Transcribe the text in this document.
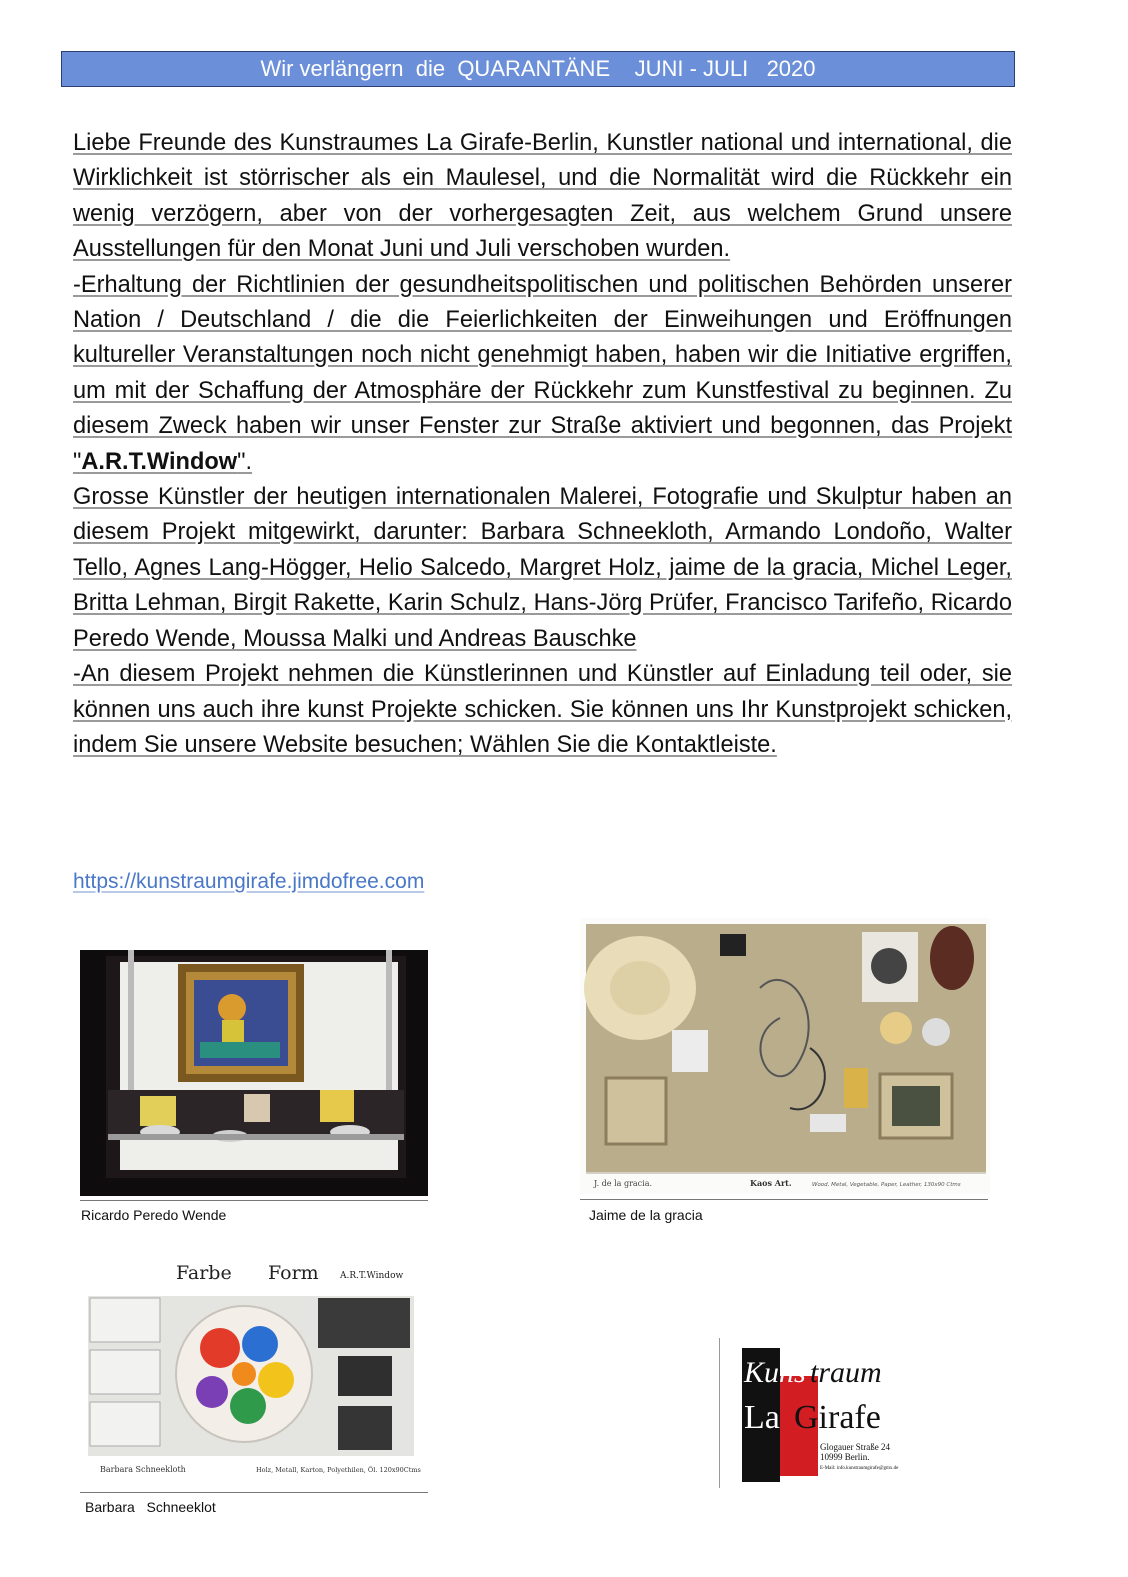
Wir verlängern  die  QUARANTÄNE    JUNI - JULI   2020

Liebe Freunde des Kunstraumes La Girafe-Berlin, Kunstler national und international, die Wirklichkeit ist störrischer als ein Maulesel, und die Normalität wird die Rückkehr ein wenig verzögern, aber von der vorhergesagten Zeit, aus welchem Grund unsere Ausstellungen für den Monat Juni und Juli verschoben wurden.

-Erhaltung der Richtlinien der gesundheitspolitischen und politischen Behörden unserer Nation / Deutschland / die die Feierlichkeiten der Einweihungen und Eröffnungen kultureller Veranstaltungen noch nicht genehmigt haben, haben wir die Initiative ergriffen, um mit der Schaffung der Atmosphäre der Rückkehr zum Kunstfestival zu beginnen. Zu diesem Zweck haben wir unser Fenster zur Straße aktiviert und begonnen, das Projekt "A.R.T.Window".

Grosse Künstler der heutigen internationalen Malerei, Fotografie und Skulptur haben an diesem Projekt mitgewirkt, darunter: Barbara Schneekloth, Armando Londoño, Walter Tello, Agnes Lang-Högger, Helio Salcedo, Margret Holz, jaime de la gracia, Michel Leger, Britta Lehman, Birgit Rakette, Karin Schulz, Hans-Jörg Prüfer, Francisco Tarifeño, Ricardo Peredo Wende, Moussa Malki und Andreas Bauschke

-An diesem Projekt nehmen die Künstlerinnen und Künstler auf Einladung teil oder, sie können uns auch ihre kunst Projekte schicken. Sie können uns Ihr Kunstprojekt schicken, indem Sie unsere Website besuchen; Wählen Sie die Kontaktleiste.

https://kunstraumgirafe.jimdofree.com
Ricardo Peredo Wende
J. de la gracia.	Kaos Art.	Wood, Metal, Vegetable, Paper, Leather, 130x90 Ctms
Jaime de la gracia
Farbe Form A.R.T.Window
Barbara Schneekloth	Holz, Metall, Karton, Polyethilen, Öl. 120x90Ctms
Barbara   Schneeklot
Kuns traum
La Girafe
Glogauer Straße 24
10999 Berlin.
E-Mail: info.kunstraumgirafe@gmx.de
